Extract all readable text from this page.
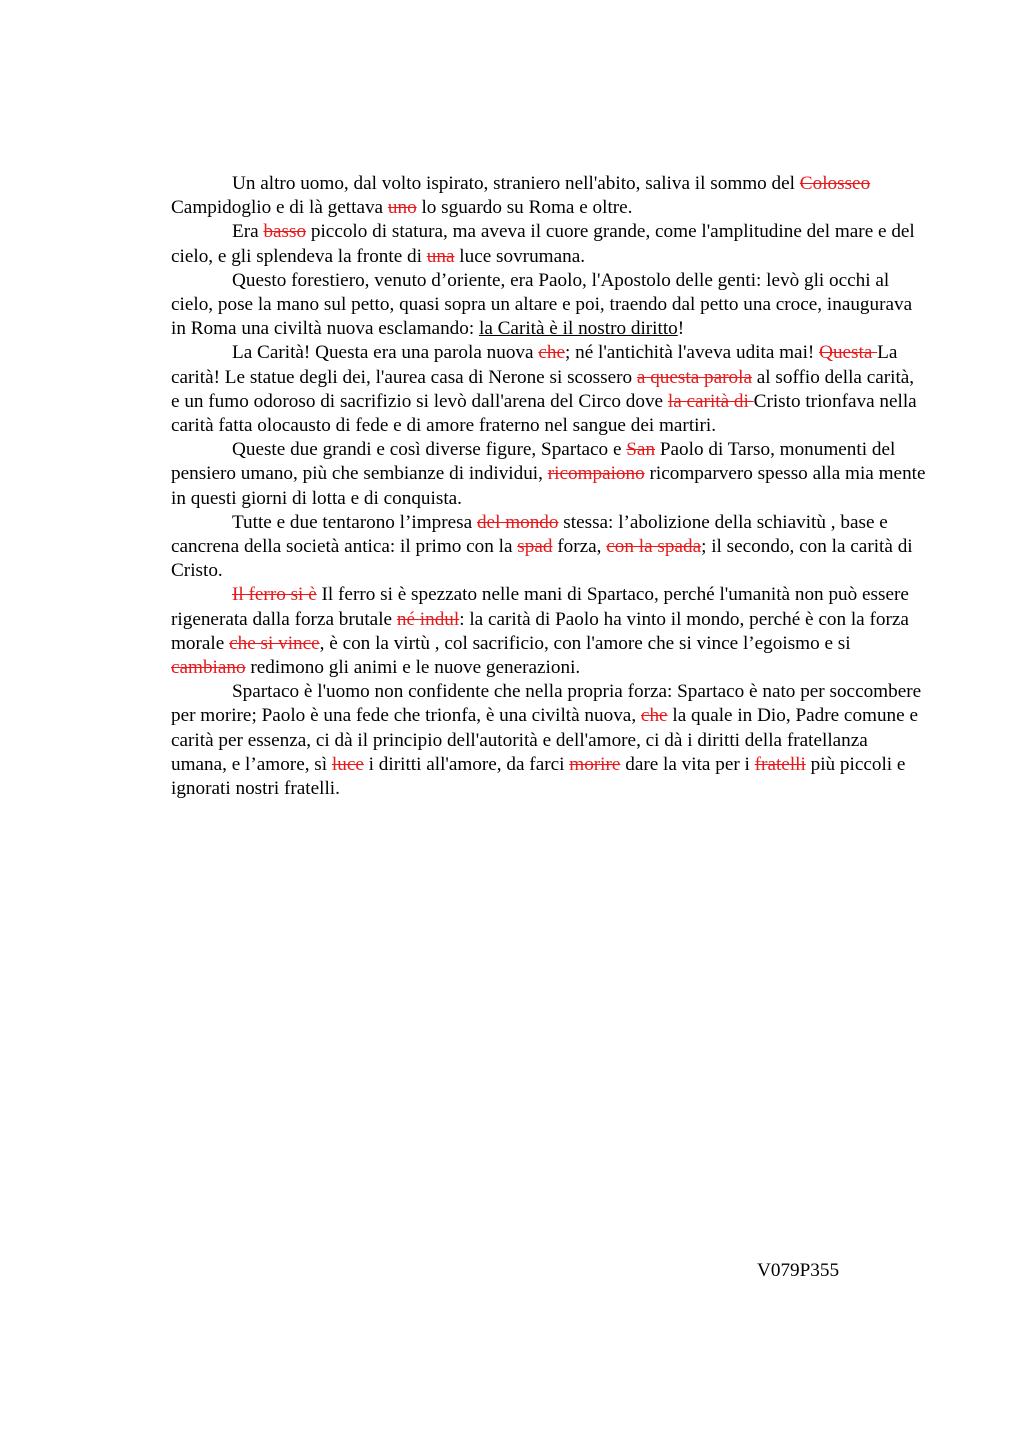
Un altro uomo, dal volto ispirato, straniero nell'abito, saliva il sommo del Colosseo Campidoglio e di là gettava uno lo sguardo su Roma e oltre.

Era basso piccolo di statura, ma aveva il cuore grande, come l'amplitudine del mare e del cielo, e gli splendeva la fronte di una luce sovrumana.

Questo forestiero, venuto d’oriente, era Paolo, l'Apostolo delle genti: levò gli occhi al cielo, pose la mano sul petto, quasi sopra un altare e poi, traendo dal petto una croce, inaugurava in Roma una civiltà nuova esclamando: la Carità è il nostro diritto!

La Carità! Questa era una parola nuova che; né l'antichità l'aveva udita mai! Questa La carità! Le statue degli dei, l'aurea casa di Nerone si scossero a questa parola al soffio della carità, e un fumo odoroso di sacrifizio si levò dall'arena del Circo dove la carità di Cristo trionfava nella carità fatta olocausto di fede e di amore fraterno nel sangue dei martiri.

Queste due grandi e così diverse figure, Spartaco e San Paolo di Tarso, monumenti del pensiero umano, più che sembianze di individui, ricompaiono ricomparvero spesso alla mia mente in questi giorni di lotta e di conquista.

Tutte e due tentarono l’impresa del mondo stessa: l’abolizione della schiavitù , base e cancrena della società antica: il primo con la spad forza, con la spada; il secondo, con la carità di Cristo.

Il ferro si è Il ferro si è spezzato nelle mani di Spartaco, perché l'umanità non può essere rigenerata dalla forza brutale né indul: la carità di Paolo ha vinto il mondo, perché è con la forza morale che si vince, è con la virtù , col sacrificio, con l'amore che si vince l’egoismo e si cambiano redimono gli animi e le nuove generazioni.

Spartaco è l'uomo non confidente che nella propria forza: Spartaco è nato per soccombere per morire; Paolo è una fede che trionfa, è una civiltà nuova, che la quale in Dio, Padre comune e carità per essenza, ci dà il principio dell'autorità e dell'amore, ci dà i diritti della fratellanza umana, e l’amore, sì luce i diritti all'amore, da farci morire dare la vita per i fratelli più piccoli e ignorati nostri fratelli.

V079P355
